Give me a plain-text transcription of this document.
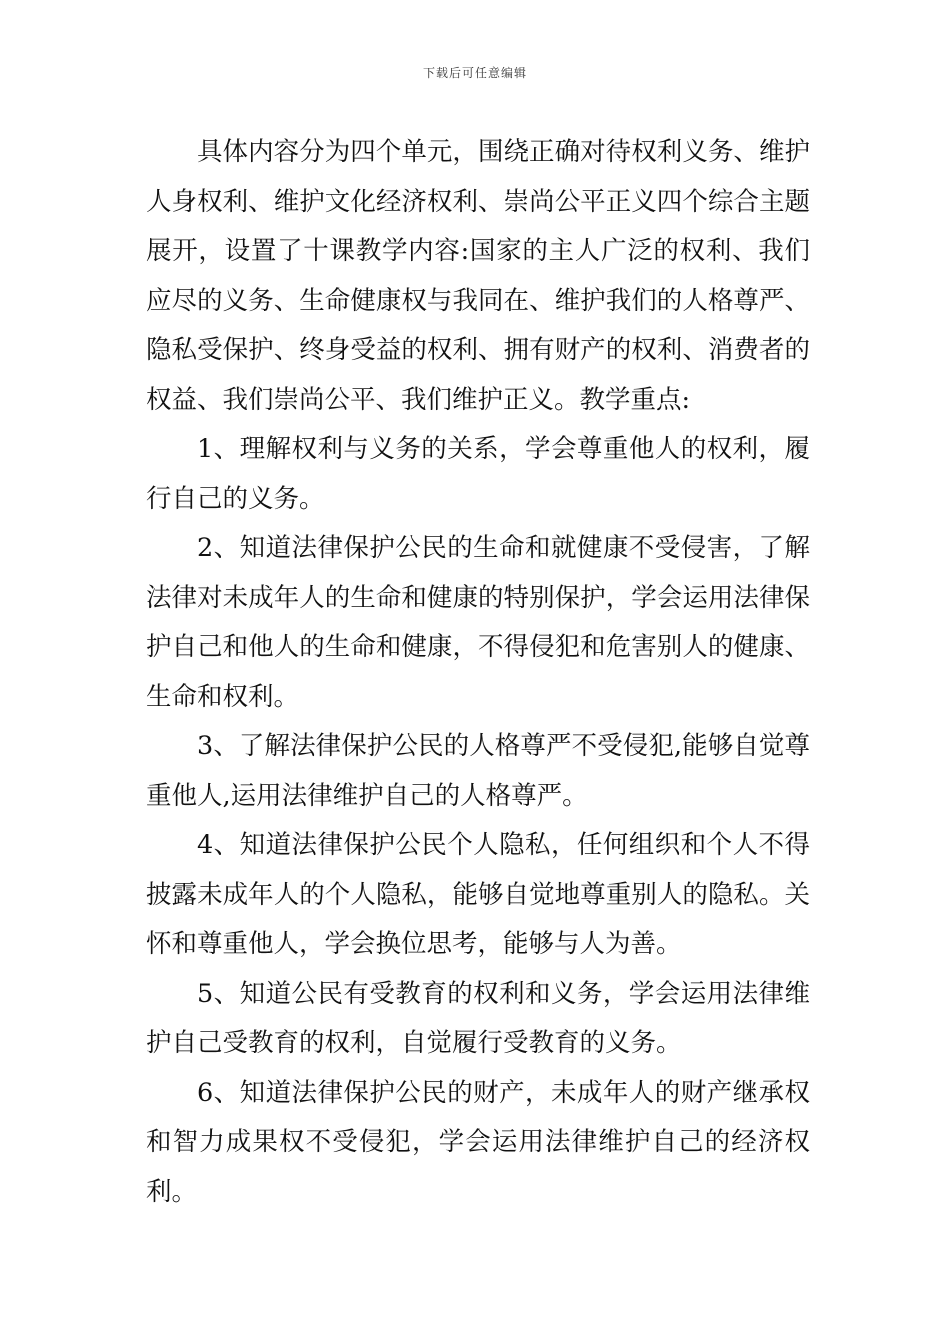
下载后可任意编辑

具体内容分为四个单元，围绕正确对待权利义务、维护人身权利、维护文化经济权利、崇尚公平正义四个综合主题展开，设置了十课教学内容:国家的主人广泛的权利、我们应尽的义务、生命健康权与我同在、维护我们的人格尊严、隐私受保护、终身受益的权利、拥有财产的权利、消费者的权益、我们崇尚公平、我们维护正义。教学重点:

1、理解权利与义务的关系，学会尊重他人的权利，履行自己的义务。

2、知道法律保护公民的生命和就健康不受侵害，了解法律对未成年人的生命和健康的特别保护，学会运用法律保护自己和他人的生命和健康，不得侵犯和危害别人的健康、生命和权利。

3、了解法律保护公民的人格尊严不受侵犯,能够自觉尊重他人,运用法律维护自己的人格尊严。

4、知道法律保护公民个人隐私，任何组织和个人不得披露未成年人的个人隐私，能够自觉地尊重别人的隐私。关怀和尊重他人，学会换位思考，能够与人为善。

5、知道公民有受教育的权利和义务，学会运用法律维护自己受教育的权利，自觉履行受教育的义务。

6、知道法律保护公民的财产，未成年人的财产继承权和智力成果权不受侵犯，学会运用法律维护自己的经济权利。
